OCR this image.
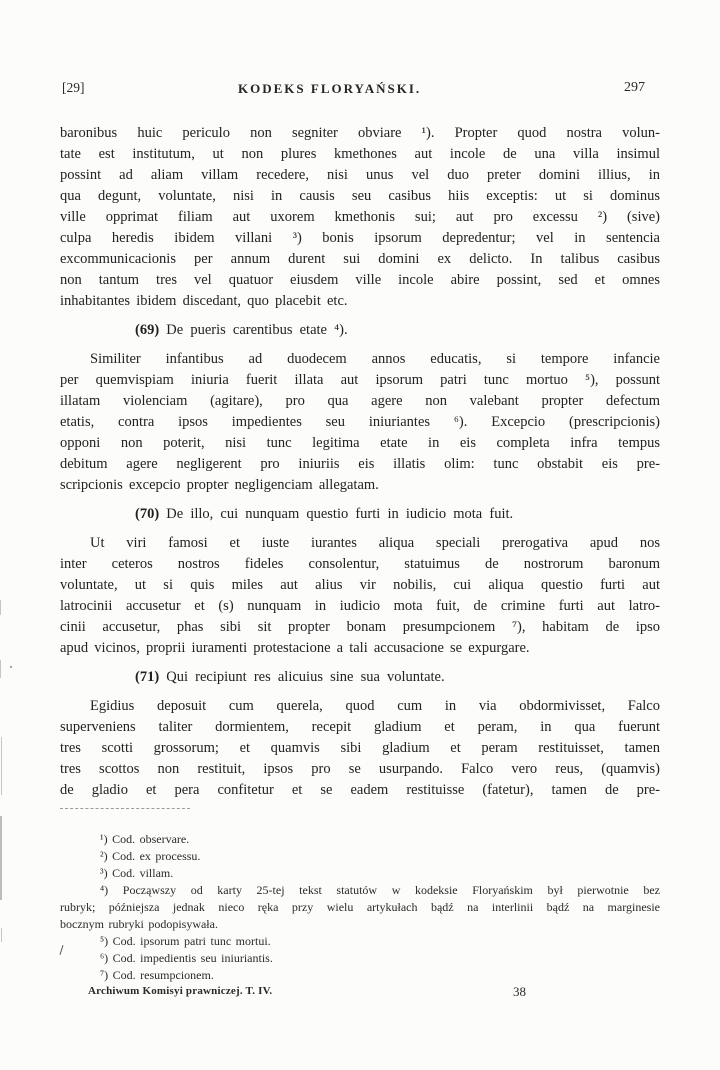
[29]	KODEKS FLORYAŃSKI.	297
baronibus huic periculo non segniter obviare ¹). Propter quod nostra volun-
tate est institutum, ut non plures kmethones aut incole de una villa insimul
possint ad aliam villam recedere, nisi unus vel duo preter domini illius, in
qua degunt, voluntate, nisi in causis seu casibus hiis exceptis: ut si dominus
ville opprimat filiam aut uxorem kmethonis sui; aut pro excessu ²) (sive)
culpa heredis ibidem villani ³) bonis ipsorum depredentur; vel in sentencia
excommunicacionis per annum durent sui domini ex delicto. In talibus casibus
non tantum tres vel quatuor eiusdem ville incole abire possint, sed et omnes
inhabitantes ibidem discedant, quo placebit etc.
(69) De pueris carentibus etate ⁴).
Similiter infantibus ad duodecem annos educatis, si tempore infancie
per quemvispiam iniuria fuerit illata aut ipsorum patri tunc mortuo ⁵), possunt
illatam violenciam (agitare), pro qua agere non valebant propter defectum
etatis, contra ipsos impedientes seu iniuriantes ⁶). Excepcio (prescripcionis)
opponi non poterit, nisi tunc legitima etate in eis completa infra tempus
debitum agere negligerent pro iniuriis eis illatis olim: tunc obstabit eis pre-
scripcionis excepcio propter negligenciam allegatam.
(70) De illo, cui nunquam questio furti in iudicio mota fuit.
Ut viri famosi et iuste iurantes aliqua speciali prerogativa apud nos
inter ceteros nostros fideles consolentur, statuimus de nostrorum baronum
voluntate, ut si quis miles aut alius vir nobilis, cui aliqua questio furti aut
latrocinii accusetur et (s) nunquam in iudicio mota fuit, de crimine furti aut latro-
cinii accusetur, phas sibi sit propter bonam presumpcionem ⁷), habitam de ipso
apud vicinos, proprii iuramenti protestacione a tali accusacione se expurgare.
(71) Qui recipiunt res alicuius sine sua voluntate.
Egidius deposuit cum querela, quod cum in via obdormivisset, Falco
superveniens taliter dormientem, recepit gladium et peram, in qua fuerunt
tres scotti grossorum; et quamvis sibi gladium et peram restituisset, tamen
tres scottos non restituit, ipsos pro se usurpando. Falco vero reus, (quamvis)
de gladio et pera confitetur et se eadem restituisse (fatetur), tamen de pre-
¹) Cod. observare.
²) Cod. ex processu.
³) Cod. villam.
⁴) Począwszy od karty 25-tej tekst statutów w kodeksie Floryańskim był pierwotnie bez
rubryk; późniejsza jednak nieco ręka przy wielu artykułach bądź na interlinii bądź na marginesie
bocznym rubryki podopisywała.
⁵) Cod. ipsorum patri tunc mortui.
⁶) Cod. impedientis seu iniuriantis.
⁷) Cod. resumpcionem.
Archiwum Komisyi prawniczej. T. IV.	38
